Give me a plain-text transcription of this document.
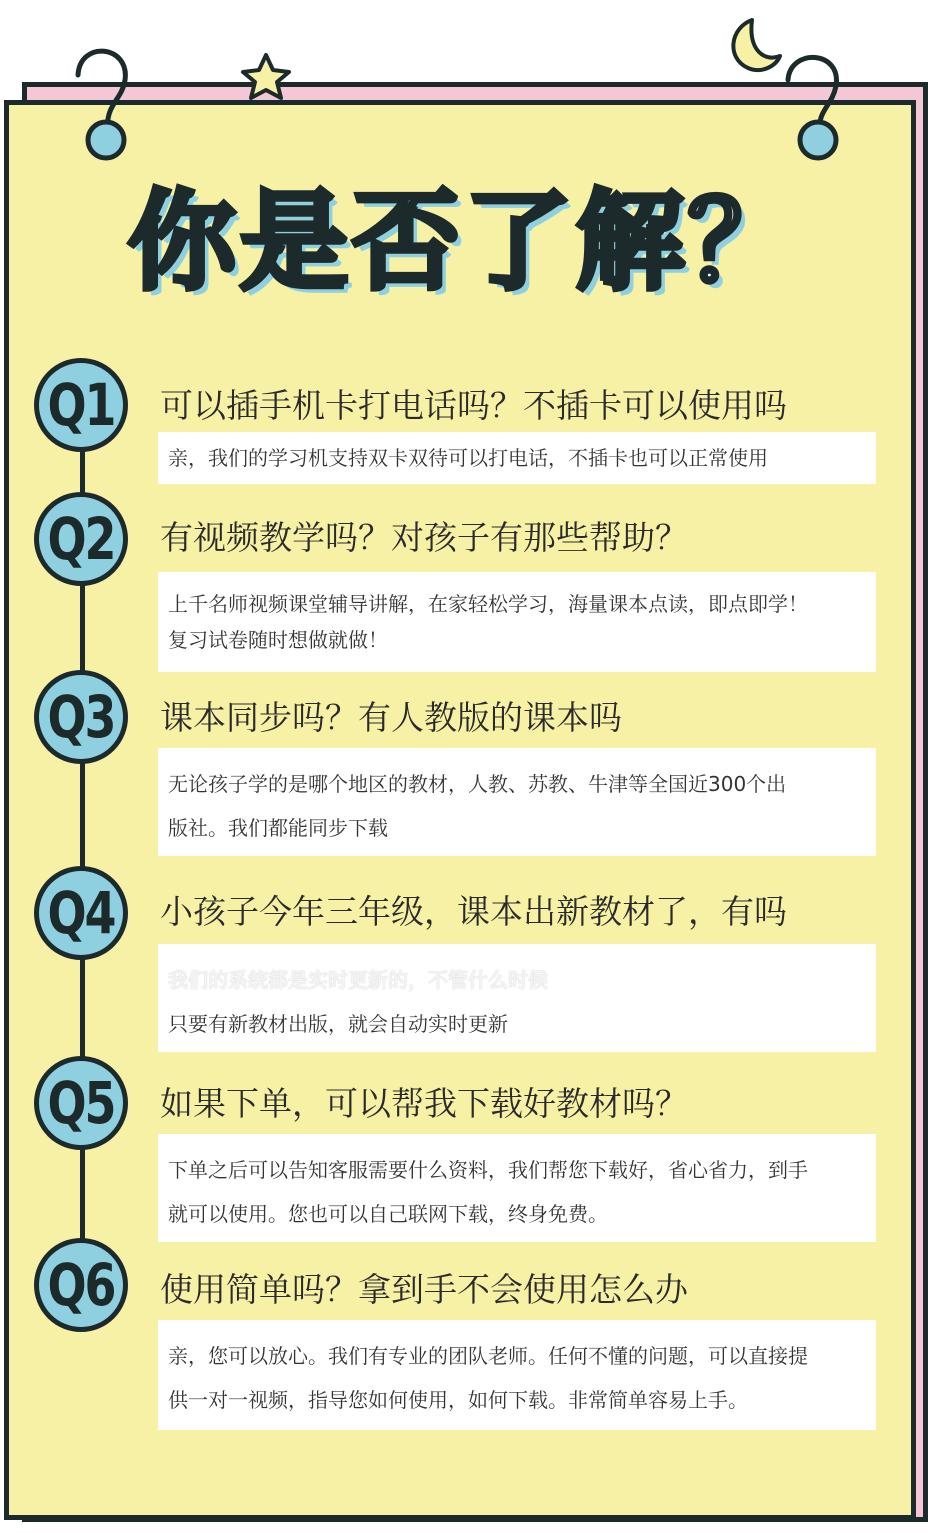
你是否了解？
Q1 可以插手机卡打电话吗？不插卡可以使用吗
亲，我们的学习机支持双卡双待可以打电话，不插卡也可以正常使用
Q2 有视频教学吗？对孩子有那些帮助？
上千名师视频课堂辅导讲解，在家轻松学习，海量课本点读，即点即学！
复习试卷随时想做就做！
Q3 课本同步吗？有人教版的课本吗
无论孩子学的是哪个地区的教材，人教、苏教、牛津等全国近300个出
版社。我们都能同步下载
Q4 小孩子今年三年级，课本出新教材了，有吗
我们的系统都是实时更新的，不管什么时候
只要有新教材出版，就会自动实时更新
Q5 如果下单，可以帮我下载好教材吗？
下单之后可以告知客服需要什么资料，我们帮您下载好，省心省力，到手
就可以使用。您也可以自己联网下载，终身免费。
Q6 使用简单吗？拿到手不会使用怎么办
亲，您可以放心。我们有专业的团队老师。任何不懂的问题，可以直接提
供一对一视频，指导您如何使用，如何下载。非常简单容易上手。
